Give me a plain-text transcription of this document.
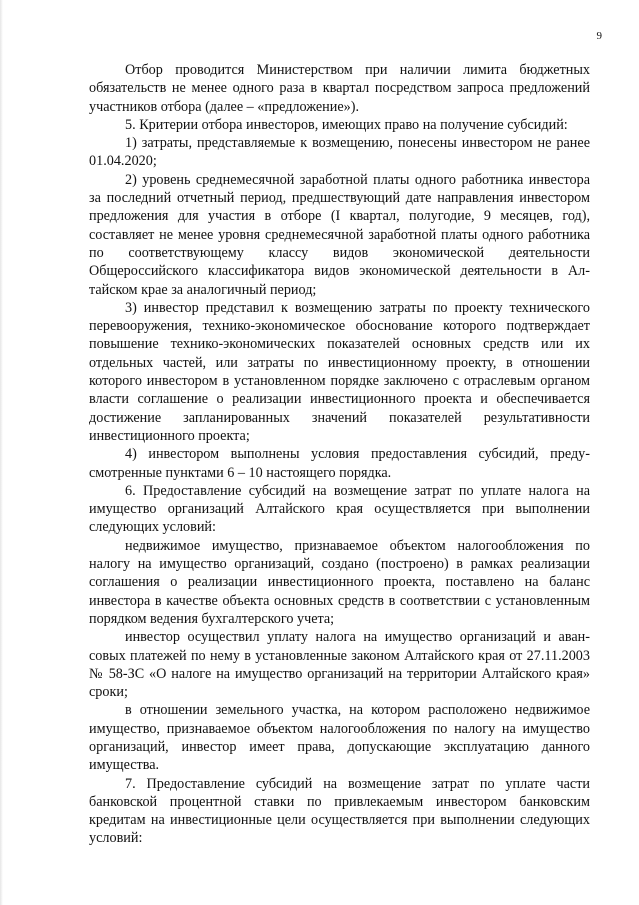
9

Отбор проводится Министерством при наличии лимита бюджетных обязательств не менее одного раза в квартал посредством запроса предложений участников отбора (далее – «предложение»).

5. Критерии отбора инвесторов, имеющих право на получение субсидий:

1) затраты, представляемые к возмещению, понесены инвестором не ранее 01.04.2020;

2) уровень среднемесячной заработной платы одного работника инвестора за последний отчетный период, предшествующий дате направления инвестором предложения для участия в отборе (I квартал, полугодие, 9 месяцев, год), составляет не менее уровня среднемесячной заработной платы одного работника по соответствующему классу видов экономической деятельности Общероссийского классификатора видов экономической деятельности в Алтайском крае за аналогичный период;

3) инвестор представил к возмещению затраты по проекту технического перевооружения, технико-экономическое обоснование которого подтверждает повышение технико-экономических показателей основных средств или их отдельных частей, или затраты по инвестиционному проекту, в отношении которого инвестором в установленном порядке заключено с отраслевым органом власти соглашение о реализации инвестиционного проекта и обеспечивается достижение запланированных значений показателей результативности инвестиционного проекта;

4) инвестором выполнены условия предоставления субсидий, предусмотренные пунктами 6 – 10 настоящего порядка.

6. Предоставление субсидий на возмещение затрат по уплате налога на имущество организаций Алтайского края осуществляется при выполнении следующих условий:

недвижимое имущество, признаваемое объектом налогообложения по налогу на имущество организаций, создано (построено) в рамках реализации соглашения о реализации инвестиционного проекта, поставлено на баланс инвестора в качестве объекта основных средств в соответствии с установленным порядком ведения бухгалтерского учета;

инвестор осуществил уплату налога на имущество организаций и авансовых платежей по нему в установленные законом Алтайского края от 27.11.2003 № 58-ЗС «О налоге на имущество организаций на территории Алтайского края» сроки;

в отношении земельного участка, на котором расположено недвижимое имущество, признаваемое объектом налогообложения по налогу на имущество организаций, инвестор имеет права, допускающие эксплуатацию данного имущества.

7. Предоставление субсидий на возмещение затрат по уплате части банковской процентной ставки по привлекаемым инвестором банковским кредитам на инвестиционные цели осуществляется при выполнении следующих условий:
